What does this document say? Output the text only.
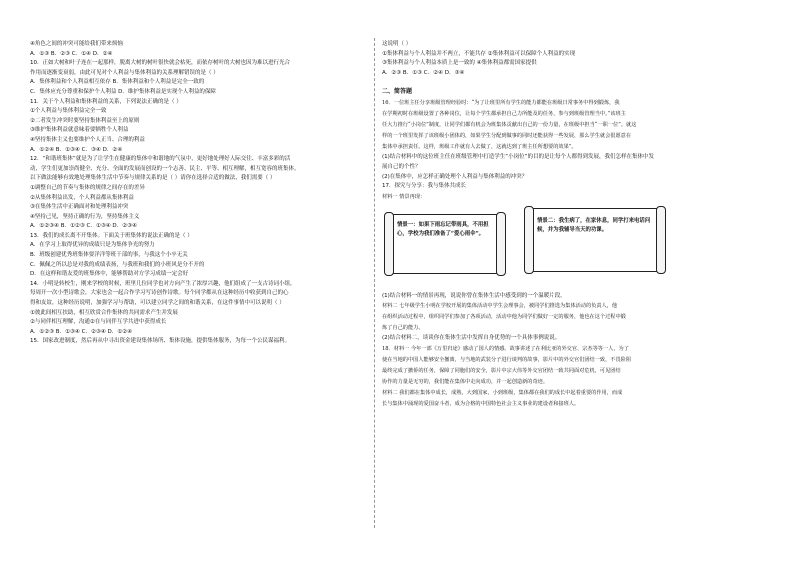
④角色之间的冲突可能给我们带来烦恼
A．①③ B．②③ C．①④ D．②④
10．正如大树和叶子连在一起那样，脱离大树的树叶很快就会枯死，而依存树叶的大树也因为难以进行光合
作用而逐渐变衰弱，由此可见对个人利益与集体利益的关系理解错误的是（ ）
A．集体利益和个人利益相互依存 B．集体利益和个人利益是完全一致的
C．集体应充分尊重和保护个人利益 D．维护集体利益是实现个人利益的保障
11．关于个人利益和集体利益的关系，下列说法正确的是（ ）
①个人利益与集体利益完全一致
②二者发生冲突时要坚持集体利益至上的原则
③维护集体利益就意味着要牺牲个人利益
④坚持集体主义也要维护个人正当、合理的利益
A．①②④ B．①③④ C．③④ D．②④
12．“和谐班集体”就是为了让学生在健康的集体中和谐地的气氛中，更好地处理好人际交往、丰富多彩的活
动，学生们更加崇尚健全、充分、全面的发展而创设的一个志善、民主、平等、相互理解，相互宽容的班集体。
以下做法能够有效地处理集体生活中节奏与规律关系的是（ ）请你在选择合适的做法，我们需要（ ）
①调整自己的节奏与集体的规律之间存在的差异
②从集体利益出发，个人利益都从集体利益
③在集体生活中正确面对和处理利益冲突
④坚持己见，坚持正确的行为，坚持集体主义
A．①②③④ B．①②③ C．①③④ D．②③④
13．我们的成长离不开集体。下面关于班集体的说法正确的是（ ）
A．在学习上取得优异的成绩只是为集体争光的努力
B．班级创建优秀班集体要洋洋等班干部的事，与我这个小卒无关
C．佩佩之所以总是对我的成绩表扬，与我班和我们的小班风是分不开的
D．在这样和谐友爱的班集体中，能够帮助对方学习成绩一定会好
14．小明是转校生，刚来学校的时候，班里几位同学也对方向产生了浓厚兴趣，他们组成了一支古诗词小组，
每周开一次小型诗歌会，大家也会一起合作学习写诗创作诗歌。每个同学都从在这种经历中收获到自己的心
得和友谊，这种经历说明，加强学习与帮助，可以建立同学之间的和谐关系，在这件事情中可以说明（ ）
①彼此间相互扶助，相互欣赏合作集体的共同需求产生并发展
②与同伴相互理解，沟通②在与同伴互学共进中获得成长
A．①②③ B．①③④ C．②③④ D．①②④
15．国家改进制度，然后再从中寻出资金建设集体场所、集体设施，提供集体服务，为每一个公民谋福利。
这说明（ ）
①集体利益与个人利益并不两立，不能共存 ②集体利益可以保障个人利益的实现
③集体利益与个人利益本质上是一致的 ④集体利益都需国家提供
A．②③ B．①③ C．②④ D．③④
二、简答题
16．一位班主任分享班级管理经验时：“为了让班里所有学生的能力都能在班级日常事务中得到锻炼，我
在学期初时在班级设置了各种岗位，让每个学生都承担自己力所能及的任务，参与到班级管理当中。”该班主
任大力推行“小岗位”制度，让同学们都有机会为班集体贡献出自己的一份力量，在班级中担当“一职一位”。就这
样的一个班里发挥了该班级小团体的，如果学生分配到做事的同时还能获得一些发展，那么学生就会很愿意在
集体中承担责任。这样，班级工作就有人去做了，这就达到了班主任所想要的效果”。
(1)结合材料中的这位班主任在班级管理中打造学生“小岗位”的目的是让每个人都得到发展，我们怎样在集体中发
展自己的个性？
(2)在集体中，应怎样正确处理个人利益与集体利益的冲突？
17．探究与分享：我与集体共成长
材料一 情景再现：
情景一：如果下雨忘记带雨具，不用担心，学校为我们准备了“爱心雨伞”。
情景二：我生病了，在家休息，同学打来电话问候，并为我辅导当天的功课。
(1)结合材料一的情景再现，说说你曾在集体生活中感受到的一个温暖片段。
材料二 七年级学生小明在学校开展的集体活动中学生会理事会，被同学们推选为集体活动的负责人，他
在组织活动过程中，组织同学们参加了各项活动，活动中他为同学们做好一定的服务，他也在这个过程中锻
炼了自己的能力。
(2)结合材料二，谈谈你在集体生活中发挥自身优势的一个具体事例说说。
18．材料一 今年一部《万里归途》感动了国人的情感。故事讲述了在利比亚的外交官、宗杰等等一人，为了
使在当地的中国人能够安全撤离，与当地的武装分子进行谈判的故事，影片中的外交官们团结一致，不畏险阻
最终完成了撤侨的任务，保障了同胞们的安全，影片中宗大伟等外交官团结一致共同面对危机，可见团结
协作的力量是无穷的，我们能在集体中走向成功，并一起创造新的奇迹。
材料二 我们都在集体中成长，成熟，大到国家，小到班级，集体都在我们的成长中起着重要的作用，而成
长与集体中涌现的爱国奋斗者，成为合格的中国特色社会主义事业的建设者和接班人。
